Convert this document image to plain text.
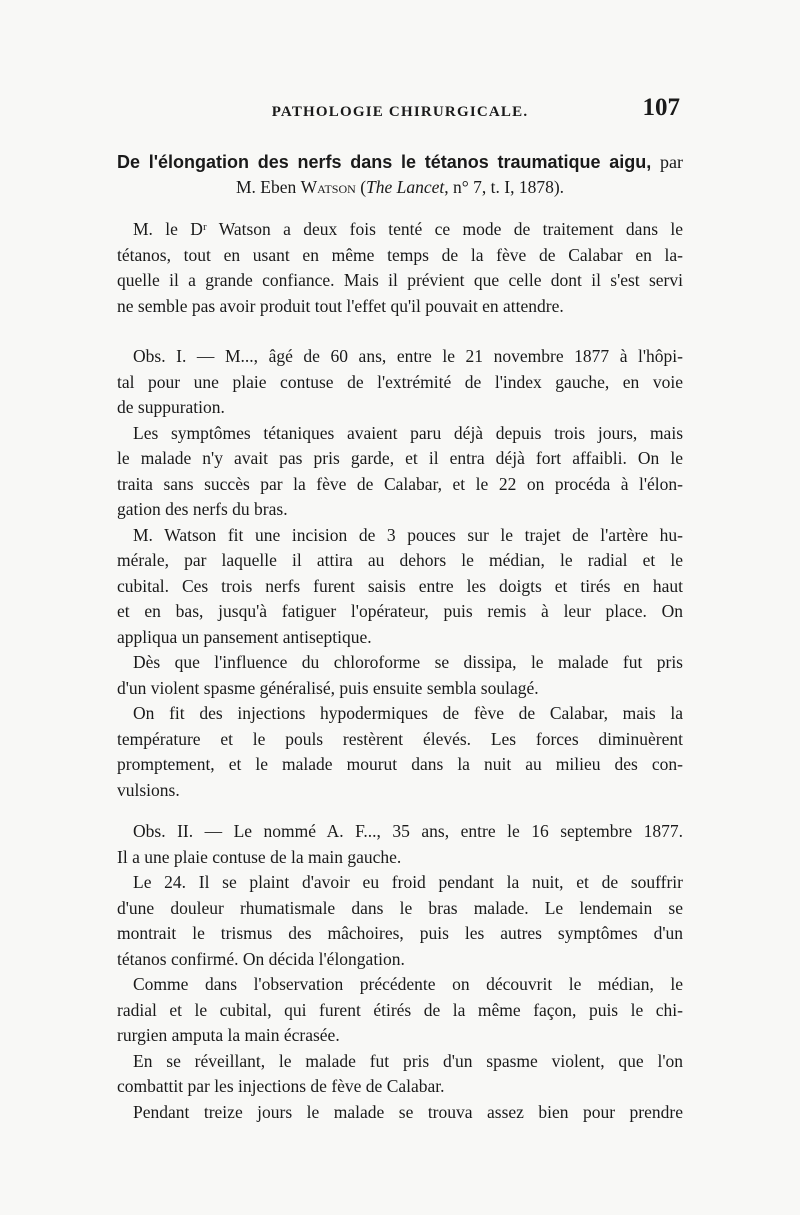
PATHOLOGIE CHIRURGICALE.	107
De l'élongation des nerfs dans le tétanos traumatique aigu, par
M. Eben Watson (The Lancet, n° 7, t. I, 1878).
M. le Dʳ Watson a deux fois tenté ce mode de traitement dans le
tétanos, tout en usant en même temps de la fève de Calabar en la-
quelle il a grande confiance. Mais il prévient que celle dont il s'est servi
ne semble pas avoir produit tout l'effet qu'il pouvait en attendre.
Obs. I. — M..., âgé de 60 ans, entre le 21 novembre 1877 à l'hôpi-
tal pour une plaie contuse de l'extrémité de l'index gauche, en voie
de suppuration.
Les symptômes tétaniques avaient paru déjà depuis trois jours, mais
le malade n'y avait pas pris garde, et il entra déjà fort affaibli. On le
traita sans succès par la fève de Calabar, et le 22 on procéda à l'élon-
gation des nerfs du bras.
M. Watson fit une incision de 3 pouces sur le trajet de l'artère hu-
mérale, par laquelle il attira au dehors le médian, le radial et le
cubital. Ces trois nerfs furent saisis entre les doigts et tirés en haut
et en bas, jusqu'à fatiguer l'opérateur, puis remis à leur place. On
appliqua un pansement antiseptique.
Dès que l'influence du chloroforme se dissipa, le malade fut pris
d'un violent spasme généralisé, puis ensuite sembla soulagé.
On fit des injections hypodermiques de fève de Calabar, mais la
température et le pouls restèrent élevés. Les forces diminuèrent
promptement, et le malade mourut dans la nuit au milieu des con-
vulsions.
Obs. II. — Le nommé A. F..., 35 ans, entre le 16 septembre 1877.
Il a une plaie contuse de la main gauche.
Le 24. Il se plaint d'avoir eu froid pendant la nuit, et de souffrir
d'une douleur rhumatismale dans le bras malade. Le lendemain se
montrait le trismus des mâchoires, puis les autres symptômes d'un
tétanos confirmé. On décida l'élongation.
Comme dans l'observation précédente on découvrit le médian, le
radial et le cubital, qui furent étirés de la même façon, puis le chi-
rurgien amputa la main écrasée.
En se réveillant, le malade fut pris d'un spasme violent, que l'on
combattit par les injections de fève de Calabar.
Pendant treize jours le malade se trouva assez bien pour prendre
